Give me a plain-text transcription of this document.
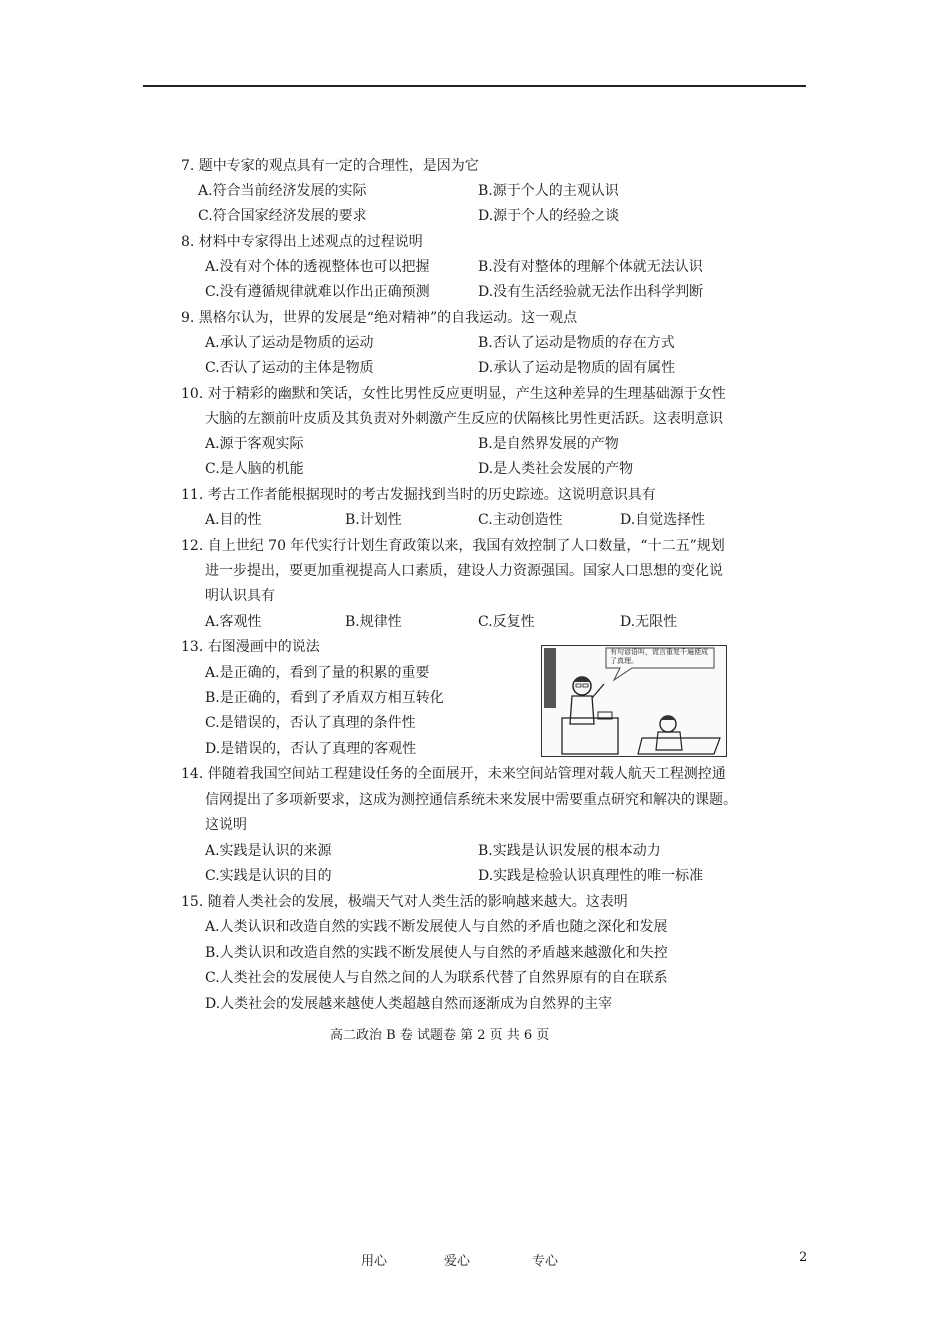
7. 题中专家的观点具有一定的合理性，是因为它
A.符合当前经济发展的实际	B.源于个人的主观认识
C.符合国家经济发展的要求	D.源于个人的经验之谈
8. 材料中专家得出上述观点的过程说明
A.没有对个体的透视整体也可以把握	B.没有对整体的理解个体就无法认识
C.没有遵循规律就难以作出正确预测	D.没有生活经验就无法作出科学判断
9. 黑格尔认为，世界的发展是“绝对精神”的自我运动。这一观点
A.承认了运动是物质的运动	B.否认了运动是物质的存在方式
C.否认了运动的主体是物质	D.承认了运动是物质的固有属性
10. 对于精彩的幽默和笑话，女性比男性反应更明显，产生这种差异的生理基础源于女性
大脑的左额前叶皮质及其负责对外刺激产生反应的伏隔核比男性更活跃。这表明意识
A.源于客观实际	B.是自然界发展的产物
C.是人脑的机能	D.是人类社会发展的产物
11. 考古工作者能根据现时的考古发掘找到当时的历史踪迹。这说明意识具有
A.目的性	B.计划性	C.主动创造性	D.自觉选择性
12. 自上世纪 70 年代实行计划生育政策以来，我国有效控制了人口数量，“十二五”规划
进一步提出，要更加重视提高人口素质，建设人力资源强国。国家人口思想的变化说
明认识具有
A.客观性	B.规律性	C.反复性	D.无限性
13. 右图漫画中的说法
A.是正确的，看到了量的积累的重要
B.是正确的，看到了矛盾双方相互转化
C.是错误的，否认了真理的条件性
D.是错误的，否认了真理的客观性
有句谚语叫，谎言重复千遍便成了真理。
14. 伴随着我国空间站工程建设任务的全面展开，未来空间站管理对载人航天工程测控通
信网提出了多项新要求，这成为测控通信系统未来发展中需要重点研究和解决的课题。
这说明
A.实践是认识的来源	B.实践是认识发展的根本动力
C.实践是认识的目的	D.实践是检验认识真理性的唯一标准
15. 随着人类社会的发展，极端天气对人类生活的影响越来越大。这表明
A.人类认识和改造自然的实践不断发展使人与自然的矛盾也随之深化和发展
B.人类认识和改造自然的实践不断发展使人与自然的矛盾越来越激化和失控
C.人类社会的发展使人与自然之间的人为联系代替了自然界原有的自在联系
D.人类社会的发展越来越使人类超越自然而逐渐成为自然界的主宰
高二政治 B 卷 试题卷 第 2 页 共 6 页
用心	爱心	专心	2
